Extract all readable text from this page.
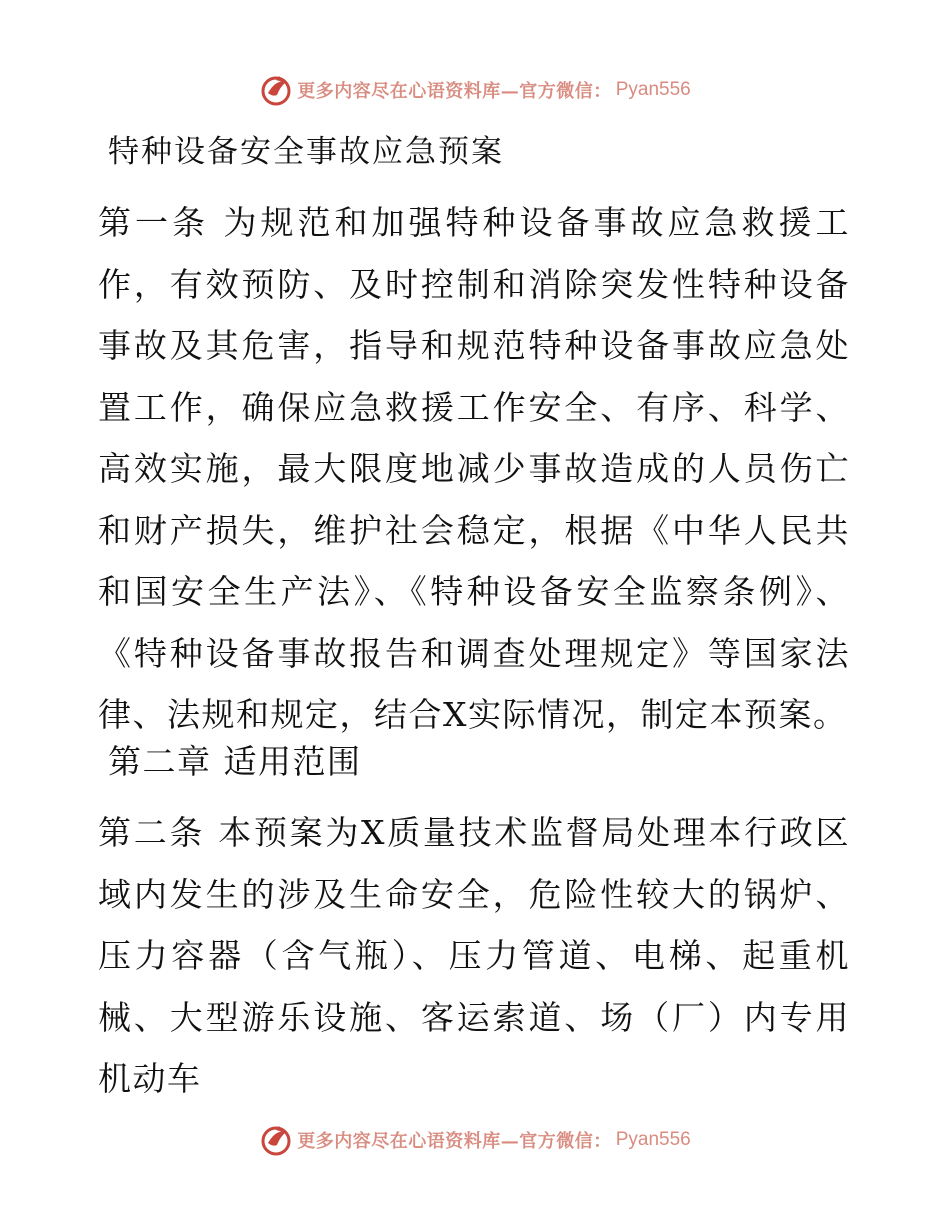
更多内容尽在心语资料库—官方微信： Pyan556
特种设备安全事故应急预案

第一条 为规范和加强特种设备事故应急救援工作，有效预防、及时控制和消除突发性特种设备事故及其危害，指导和规范特种设备事故应急处置工作，确保应急救援工作安全、有序、科学、高效实施，最大限度地减少事故造成的人员伤亡和财产损失，维护社会稳定，根据《中华人民共和国安全生产法》、《特种设备安全监察条例》、《特种设备事故报告和调查处理规定》等国家法律、法规和规定，结合X实际情况，制定本预案。

第二章 适用范围

第二条 本预案为X质量技术监督局处理本行政区域内发生的涉及生命安全，危险性较大的锅炉、压力容器（含气瓶）、压力管道、电梯、起重机械、大型游乐设施、客运索道、场（厂）内专用机动车

更多内容尽在心语资料库—官方微信： Pyan556
